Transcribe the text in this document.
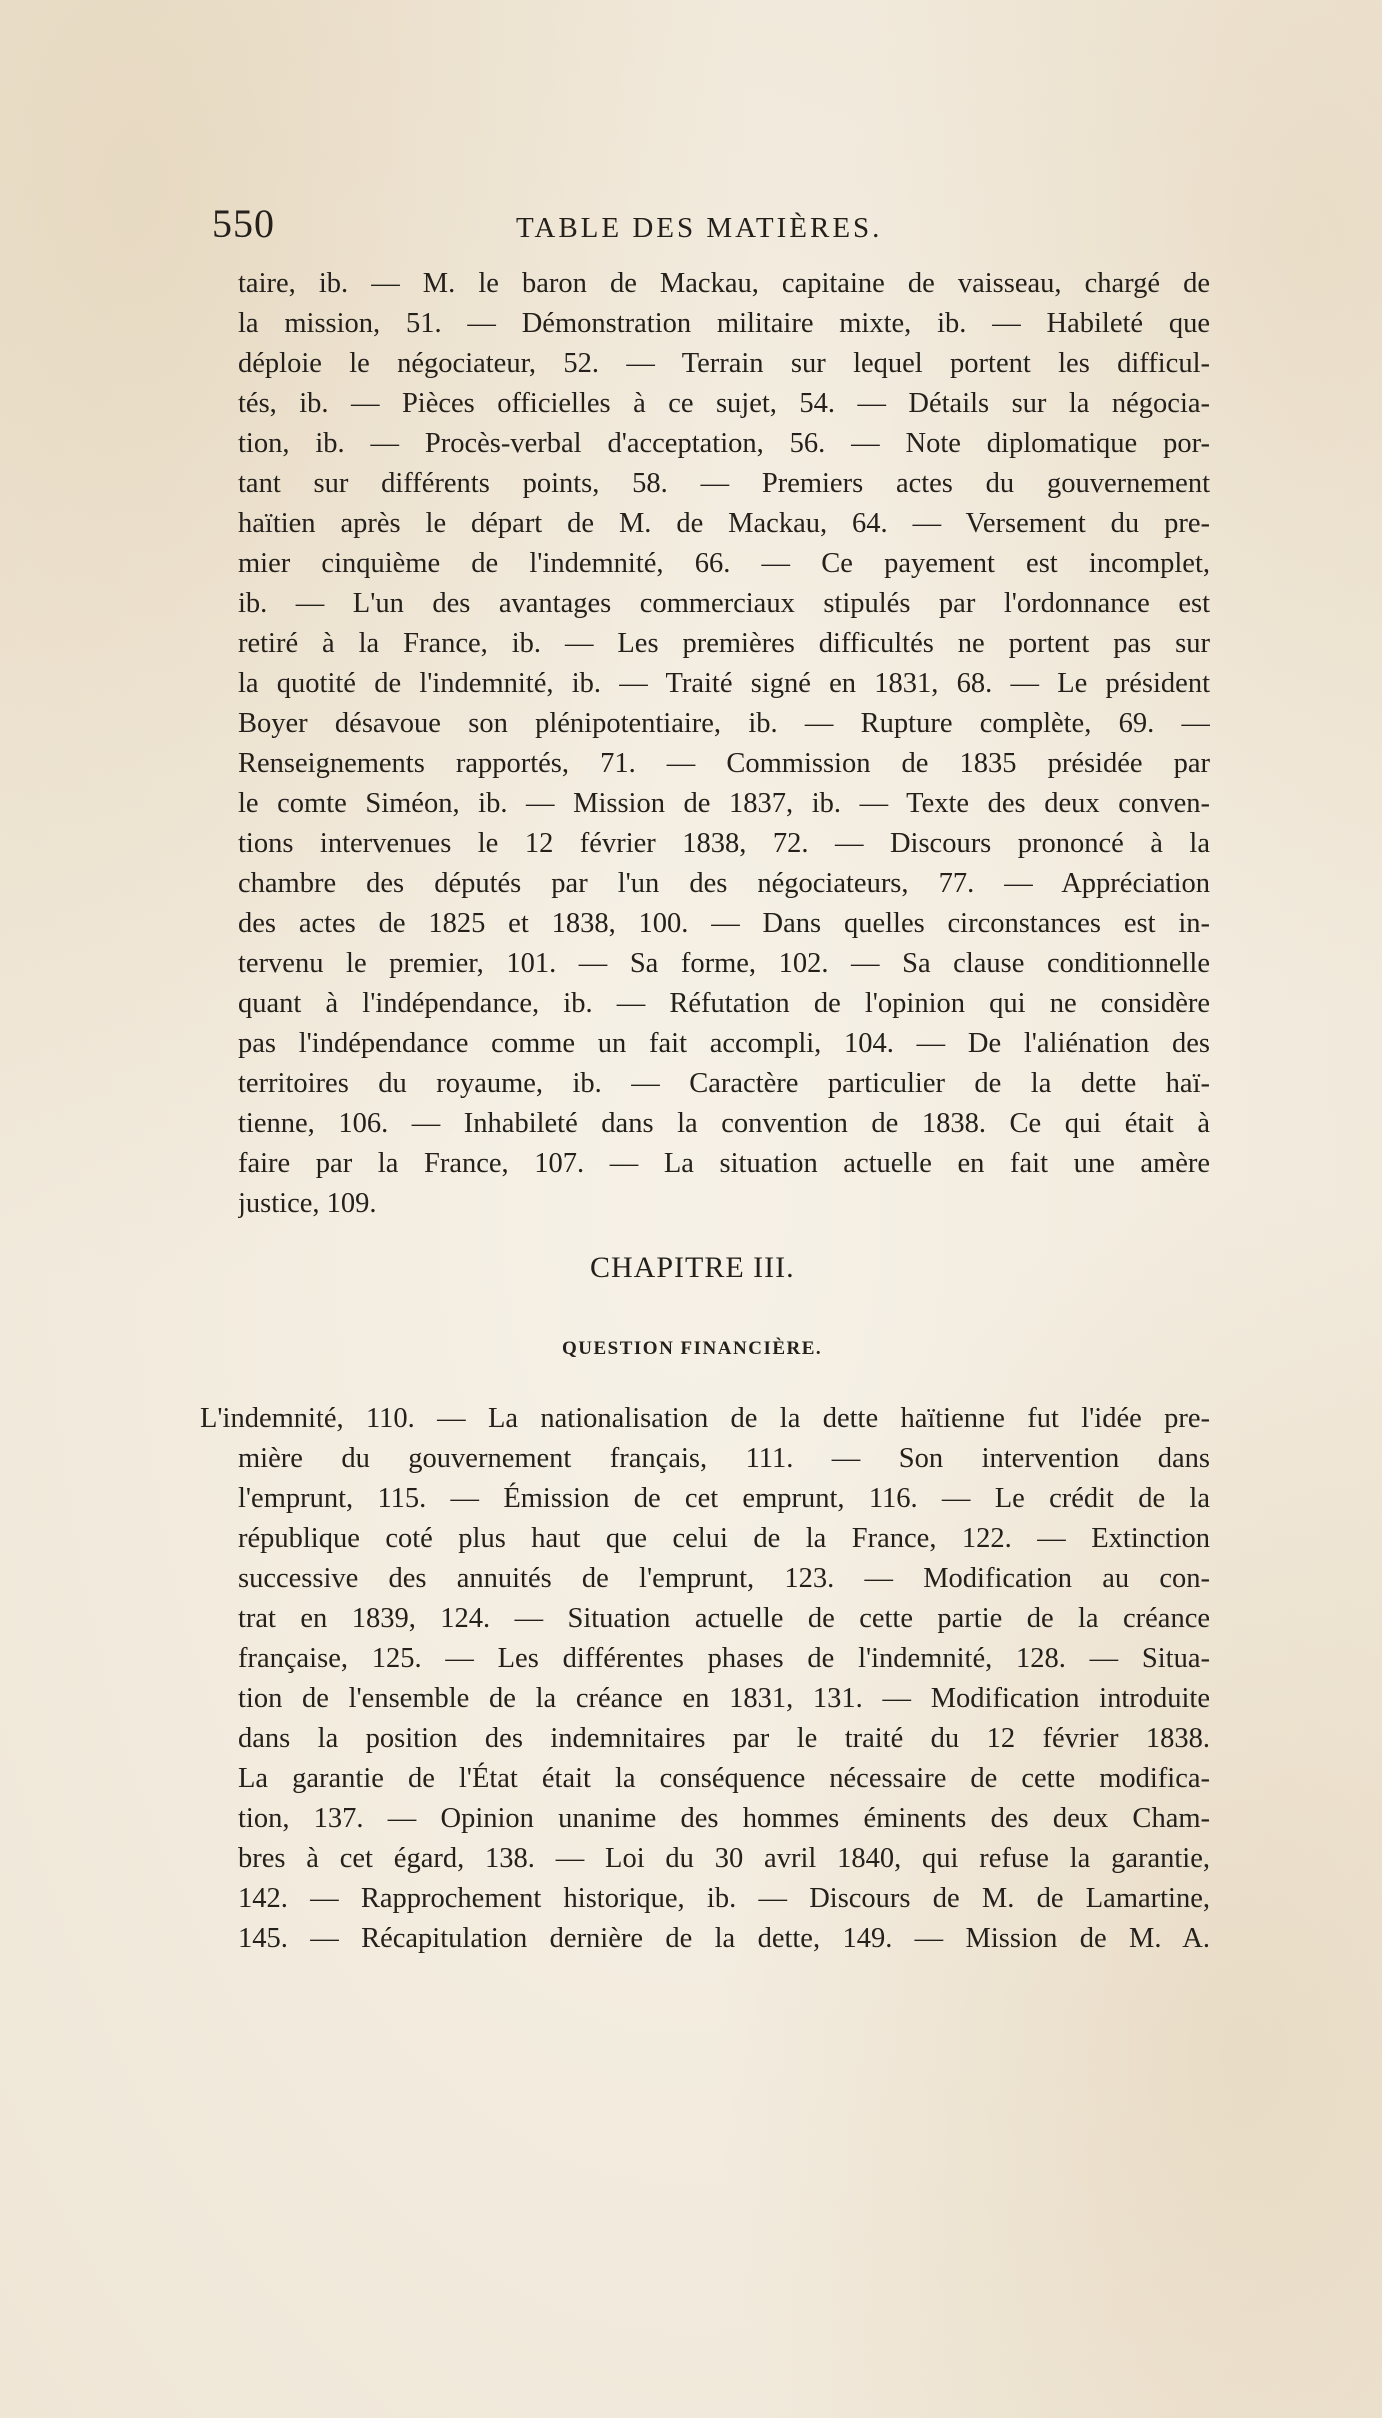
550	TABLE DES MATIÈRES.
taire, ib. — M. le baron de Mackau, capitaine de vaisseau, chargé de
la mission, 51. — Démonstration militaire mixte, ib. — Habileté que
déploie le négociateur, 52. — Terrain sur lequel portent les difficul-
tés, ib. — Pièces officielles à ce sujet, 54. — Détails sur la négocia-
tion, ib. — Procès-verbal d'acceptation, 56. — Note diplomatique por-
tant sur différents points, 58. — Premiers actes du gouvernement
haïtien après le départ de M. de Mackau, 64. — Versement du pre-
mier cinquième de l'indemnité, 66. — Ce payement est incomplet,
ib. — L'un des avantages commerciaux stipulés par l'ordonnance est
retiré à la France, ib. — Les premières difficultés ne portent pas sur
la quotité de l'indemnité, ib. — Traité signé en 1831, 68. — Le président
Boyer désavoue son plénipotentiaire, ib. — Rupture complète, 69. —
Renseignements rapportés, 71. — Commission de 1835 présidée par
le comte Siméon, ib. — Mission de 1837, ib. — Texte des deux conven-
tions intervenues le 12 février 1838, 72. — Discours prononcé à la
chambre des députés par l'un des négociateurs, 77. — Appréciation
des actes de 1825 et 1838, 100. — Dans quelles circonstances est in-
tervenu le premier, 101. — Sa forme, 102. — Sa clause conditionnelle
quant à l'indépendance, ib. — Réfutation de l'opinion qui ne considère
pas l'indépendance comme un fait accompli, 104. — De l'aliénation des
territoires du royaume, ib. — Caractère particulier de la dette haï-
tienne, 106. — Inhabileté dans la convention de 1838. Ce qui était à
faire par la France, 107. — La situation actuelle en fait une amère
justice, 109.
CHAPITRE III.
QUESTION FINANCIÈRE.
L'indemnité, 110. — La nationalisation de la dette haïtienne fut l'idée pre-
mière du gouvernement français, 111. — Son intervention dans
l'emprunt, 115. — Émission de cet emprunt, 116. — Le crédit de la
république coté plus haut que celui de la France, 122. — Extinction
successive des annuités de l'emprunt, 123. — Modification au con-
trat en 1839, 124. — Situation actuelle de cette partie de la créance
française, 125. — Les différentes phases de l'indemnité, 128. — Situa-
tion de l'ensemble de la créance en 1831, 131. — Modification introduite
dans la position des indemnitaires par le traité du 12 février 1838.
La garantie de l'État était la conséquence nécessaire de cette modifica-
tion, 137. — Opinion unanime des hommes éminents des deux Cham-
bres à cet égard, 138. — Loi du 30 avril 1840, qui refuse la garantie,
142. — Rapprochement historique, ib. — Discours de M. de Lamartine,
145. — Récapitulation dernière de la dette, 149. — Mission de M. A.
